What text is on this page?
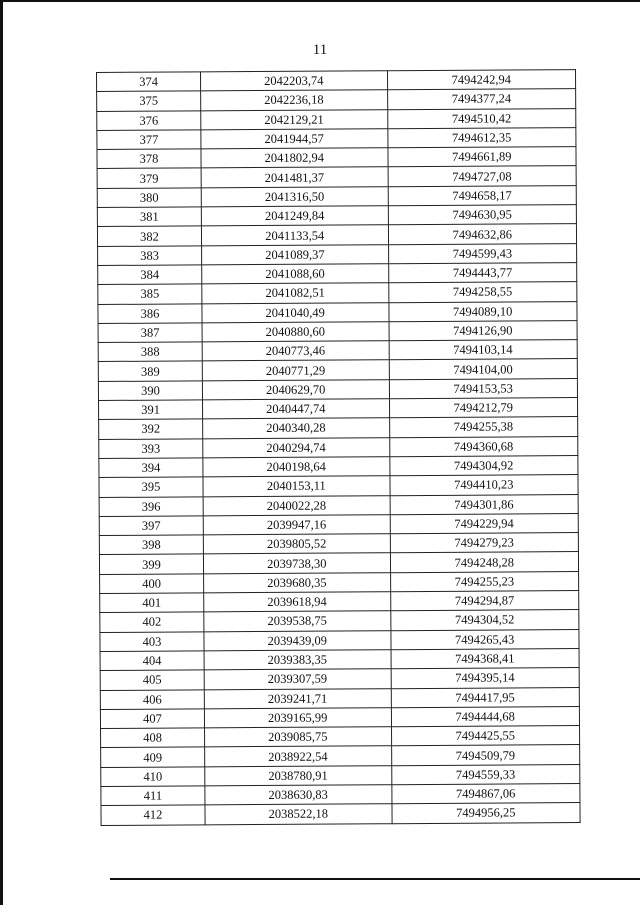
11
374	2042203,74	7494242,94
375	2042236,18	7494377,24
376	2042129,21	7494510,42
377	2041944,57	7494612,35
378	2041802,94	7494661,89
379	2041481,37	7494727,08
380	2041316,50	7494658,17
381	2041249,84	7494630,95
382	2041133,54	7494632,86
383	2041089,37	7494599,43
384	2041088,60	7494443,77
385	2041082,51	7494258,55
386	2041040,49	7494089,10
387	2040880,60	7494126,90
388	2040773,46	7494103,14
389	2040771,29	7494104,00
390	2040629,70	7494153,53
391	2040447,74	7494212,79
392	2040340,28	7494255,38
393	2040294,74	7494360,68
394	2040198,64	7494304,92
395	2040153,11	7494410,23
396	2040022,28	7494301,86
397	2039947,16	7494229,94
398	2039805,52	7494279,23
399	2039738,30	7494248,28
400	2039680,35	7494255,23
401	2039618,94	7494294,87
402	2039538,75	7494304,52
403	2039439,09	7494265,43
404	2039383,35	7494368,41
405	2039307,59	7494395,14
406	2039241,71	7494417,95
407	2039165,99	7494444,68
408	2039085,75	7494425,55
409	2038922,54	7494509,79
410	2038780,91	7494559,33
411	2038630,83	7494867,06
412	2038522,18	7494956,25
